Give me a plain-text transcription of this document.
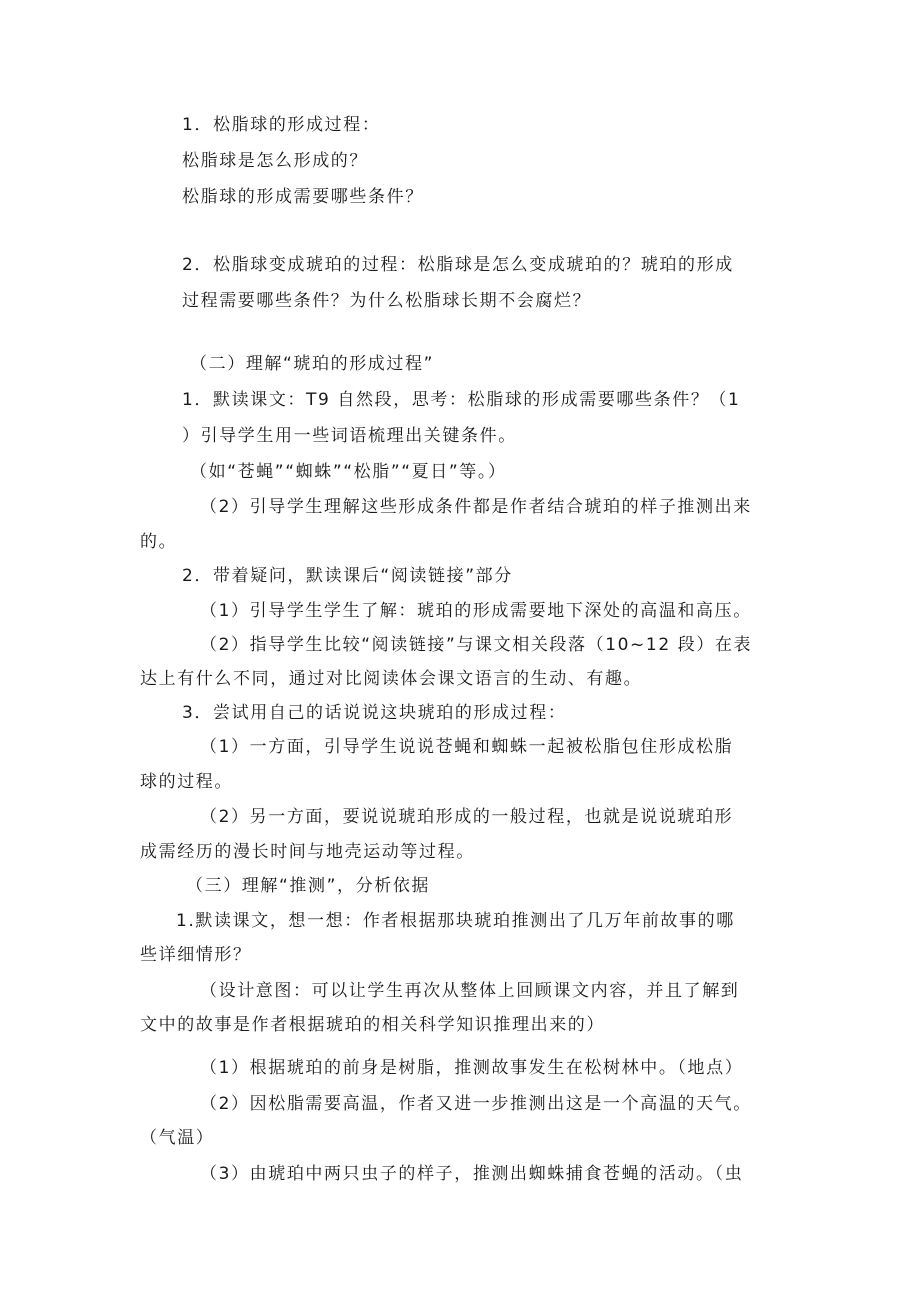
1．松脂球的形成过程：
松脂球是怎么形成的？
松脂球的形成需要哪些条件？
2．松脂球变成琥珀的过程：松脂球是怎么变成琥珀的？琥珀的形成
过程需要哪些条件？为什么松脂球长期不会腐烂？
（二）理解“琥珀的形成过程”
1．默读课文：T9 自然段，思考：松脂球的形成需要哪些条件？（1
）引导学生用一些词语梳理出关键条件。
（如“苍蝇”“蜘蛛”“松脂”“夏日”等。）
（2）引导学生理解这些形成条件都是作者结合琥珀的样子推测出来
的。
2．带着疑问，默读课后“阅读链接”部分
（1）引导学生学生了解：琥珀的形成需要地下深处的高温和高压。
（2）指导学生比较“阅读链接”与课文相关段落（10~12 段）在表
达上有什么不同，通过对比阅读体会课文语言的生动、有趣。
3．尝试用自己的话说说这块琥珀的形成过程：
（1）一方面，引导学生说说苍蝇和蜘蛛一起被松脂包住形成松脂
球的过程。
（2）另一方面，要说说琥珀形成的一般过程，也就是说说琥珀形
成需经历的漫长时间与地壳运动等过程。
（三）理解“推测”，分析依据
1.默读课文，想一想：作者根据那块琥珀推测出了几万年前故事的哪
些详细情形？
（设计意图：可以让学生再次从整体上回顾课文内容，并且了解到
文中的故事是作者根据琥珀的相关科学知识推理出来的）
（1）根据琥珀的前身是树脂，推测故事发生在松树林中。（地点）
（2）因松脂需要高温，作者又进一步推测出这是一个高温的天气。
（气温）
（3）由琥珀中两只虫子的样子，推测出蜘蛛捕食苍蝇的活动。（虫
